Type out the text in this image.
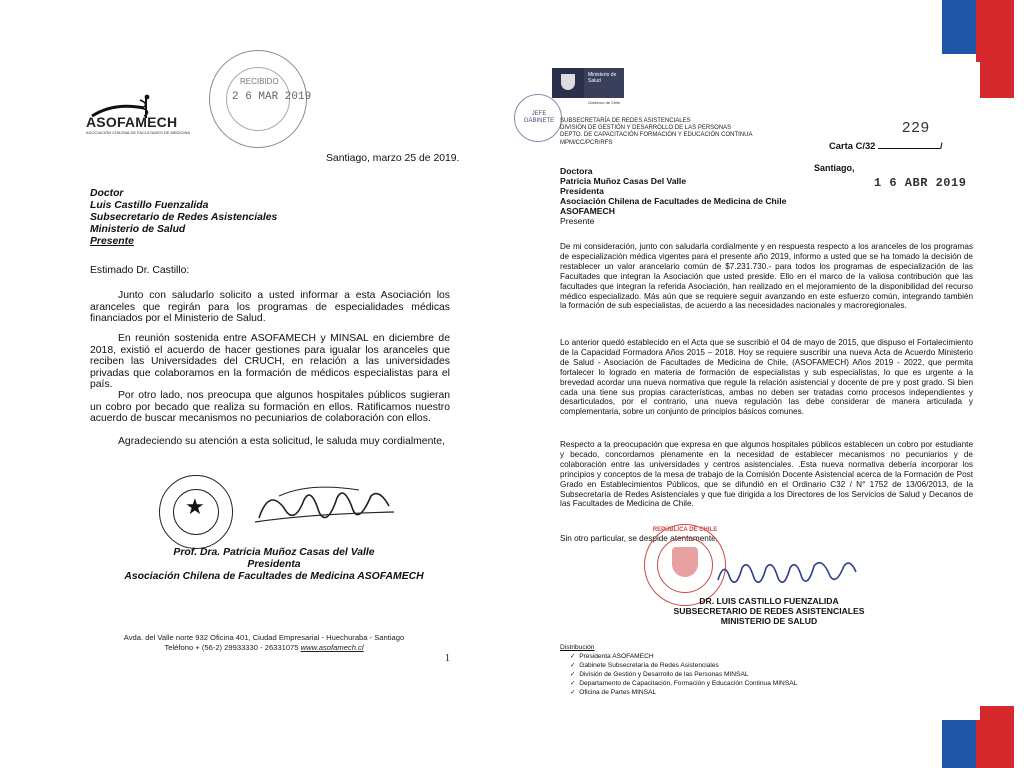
ASOFAMECH
ASOCIACIÓN CHILENA DE FACULTADES DE MEDICINA
RECIBIDO
2 6 MAR 2019
Santiago, marzo 25 de 2019.

Doctor

Luis Castillo Fuenzalida

Subsecretario de Redes Asistenciales

Ministerio de Salud

Presente

Estimado Dr. Castillo:

Junto con saludarlo solicito a usted informar a esta Asociación los aranceles que regirán para los programas de especialidades médicas financiados por el Ministerio de Salud.

En reunión sostenida entre ASOFAMECH y MINSAL en diciembre de 2018, existió el acuerdo de hacer gestiones para igualar los aranceles que reciben las Universidades del CRUCH, en relación a las universidades privadas que colaboramos en la formación de médicos especialistas para el país.

Por otro lado, nos preocupa que algunos hospitales públicos sugieran un cobro por becado que realiza su formación en ellos. Ratificamos nuestro acuerdo de buscar mecanismos no pecuniarios de colaboración con ellos.

Agradeciendo su atención a esta solicitud, le saluda muy cordialmente,

★

Prof. Dra. Patricia Muñoz Casas del Valle

Presidenta

Asociación Chilena de Facultades de Medicina ASOFAMECH

Avda. del Valle norte 932 Oficina 401, Ciudad Empresarial - Huechuraba - Santiago

Teléfono + (56-2) 29933330 - 26331075 www.asofamech.cl

1
Ministerio de Salud
Gobierno de Chile
JEFE GABINETE SUBSECRETARÍA DE REDES ASISTENCIALES

DIVISIÓN DE GESTIÓN Y DESARROLLO DE LAS PERSONAS

DEPTO. DE CAPACITACIÓN FORMACIÓN Y EDUCACIÓN CONTINUA

MPM/CC/PCR/RFS

229
Carta C/32	/
Santiago,
1 6 ABR 2019

Doctora

Patricia Muñoz Casas Del Valle

Presidenta

Asociación Chilena de Facultades de Medicina de Chile

ASOFAMECH

Presente

De mi consideración, junto con saludarla cordialmente y en respuesta respecto a los aranceles de los programas de especialización médica vigentes para el presente año 2019, informo a usted que se ha tomado la decisión de restablecer un valor arancelario común de $7.231.730.- para todos los programas de especialización de las Facultades que integran la Asociación que usted preside. Ello en el marco de la valiosa contribución que las facultades que integran la referida Asociación, han realizado en el mejoramiento de la disponibilidad del recurso médico especializado. Más aún que se requiere seguir avanzando en este esfuerzo común, integrando también la formación de sub especialistas, de acuerdo a las necesidades nacionales y macroregionales.

Lo anterior quedó establecido en el Acta que se suscribió el 04 de mayo de 2015, que dispuso el Fortalecimiento de la Capacidad Formadora Años 2015 – 2018. Hoy se requiere suscribir una nueva Acta de Acuerdo Ministerio de Salud - Asociación de Facultades de Medicina de Chile, (ASOFAMECH) Años 2019 - 2022, que permita fortalecer lo logrado en materia de formación de especialistas y sub especialistas, lo que es urgente a la brevedad acordar una nueva normativa que regule la relación asistencial y docente de pre y post grado. Si bien cada una tiene sus propias características, ambas no deben ser tratadas como procesos independientes y desarticulados, por el contrario, una nueva regulación las debe considerar de manera articulada y complementaria, sobre un conjunto de principios básicos comunes.

Respecto a la preocupación que expresa en que algunos hospitales públicos establecen un cobro por estudiante y becado, concordamos plenamente en la necesidad de establecer mecanismos no pecuniarios y de colaboración entre las universidades y centros asistenciales. .Esta nueva normativa debería incorporar los principios y conceptos de la mesa de trabajo de la Comisión Docente Asistencial acerca de la Formación de Post Grado en Establecimientos Públicos, que se difundió en el Ordinario C32 / N° 1752 de 13/06/2013, de la Subsecretaría de Redes Asistenciales y que fue dirigida a los Directores de los Servicios de Salud y Decanos de las Facultades de Medicina de Chile.

Sin otro particular, se despide atentamente,

REPÚBLICA DE CHILE

DR. LUIS CASTILLO FUENZALIDA

SUBSECRETARIO DE REDES ASISTENCIALES

MINISTERIO DE SALUD

Distribución

✓ Presidenta ASOFAMECH

✓ Gabinete Subsecretaría de Redes Asistenciales

✓ División de Gestión y Desarrollo de las Personas MINSAL

✓ Departamento de Capacitación, Formación y Educación Continua MINSAL

✓ Oficina de Partes MINSAL
